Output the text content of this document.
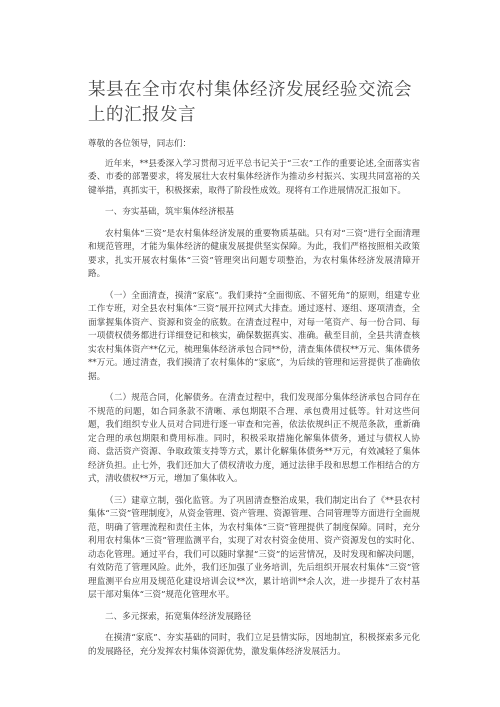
某县在全市农村集体经济发展经验交流会上的汇报发言
尊敬的各位领导，同志们：

近年来，**县委深入学习贯彻习近平总书记关于“三农”工作的重要论述,全面落实省委、市委的部署要求，将发展壮大农村集体经济作为推动乡村振兴、实现共同富裕的关键举措，真抓实干，积极探索，取得了阶段性成效。现将有工作进展情况汇报如下。

一、夯实基础，筑牢集体经济根基

农村集体“三资”是农村集体经济发展的重要物质基础。只有对“三资”进行全面清理和规范管理，才能为集体经济的健康发展提供坚实保障。为此，我们严格按照相关政策要求，扎实开展农村集体“三资”管理突出问题专项整治，为农村集体经济发展清障开路。

（一）全面清查，摸清“家底”。我们秉持“全面彻底、不留死角”的原则，组建专业工作专班，对全县农村集体“三资”展开拉网式大排查。通过逐村、逐组、逐项清查，全面掌握集体资产、资源和资金的底数。在清查过程中，对每一笔资产、每一份合同、每一项债权债务都进行详细登记和核实，确保数据真实、准确。截至目前，全县共清查核实农村集体资产**亿元，梳理集体经济承包合同**份，清查集体债权**万元、集体债务**万元。通过清查，我们摸清了农村集体的“家底”，为后续的管理和运营提供了准确依据。

（二）规范合同，化解债务。在清查过程中，我们发现部分集体经济承包合同存在不规范的问题，如合同条款不清晰、承包期限不合理、承包费用过低等。针对这些问题，我们组织专业人员对合同进行逐一审查和完善，依法依规纠正不规范条款，重新确定合理的承包期限和费用标准。同时，积极采取措施化解集体债务，通过与债权人协商、盘活资产资源、争取政策支持等方式，累计化解集体债务**万元，有效减轻了集体经济负担。止七外，我们还加大了债权清收力度，通过法律手段和思想工作相结合的方式，清收债权**万元，增加了集体收入。

（三）建章立制，强化监管。为了巩固清查整治成果，我们制定出台了《**县农村集体“三资”管理制度》，从资金管理、资产管理、资源管理、合同管理等方面进行全面规范，明确了管理流程和责任主体，为农村集体“三资”管理提供了制度保障。同时，充分利用农村集体“三资”管理监测平台，实现了对农村资金使用、资产资源发包的实时化、动态化管理。通过平台，我们可以随时掌握“三资”的运营情况，及时发现和解决问题，有效防范了管理风险。此外，我们还加强了业务培训，先后组织开展农村集体“三资”管理监测平台应用及规范化建设培训会议**次，累计培训**余人次，进一步提升了农村基层干部对集体“三资”规范化管理水平。

二、多元探索，拓宽集体经济发展路径

在摸清“家底”、夯实基础的同时，我们立足县情实际，因地制宜，积极探索多元化的发展路径，充分发挥农村集体资源优势，激发集体经济发展活力。
